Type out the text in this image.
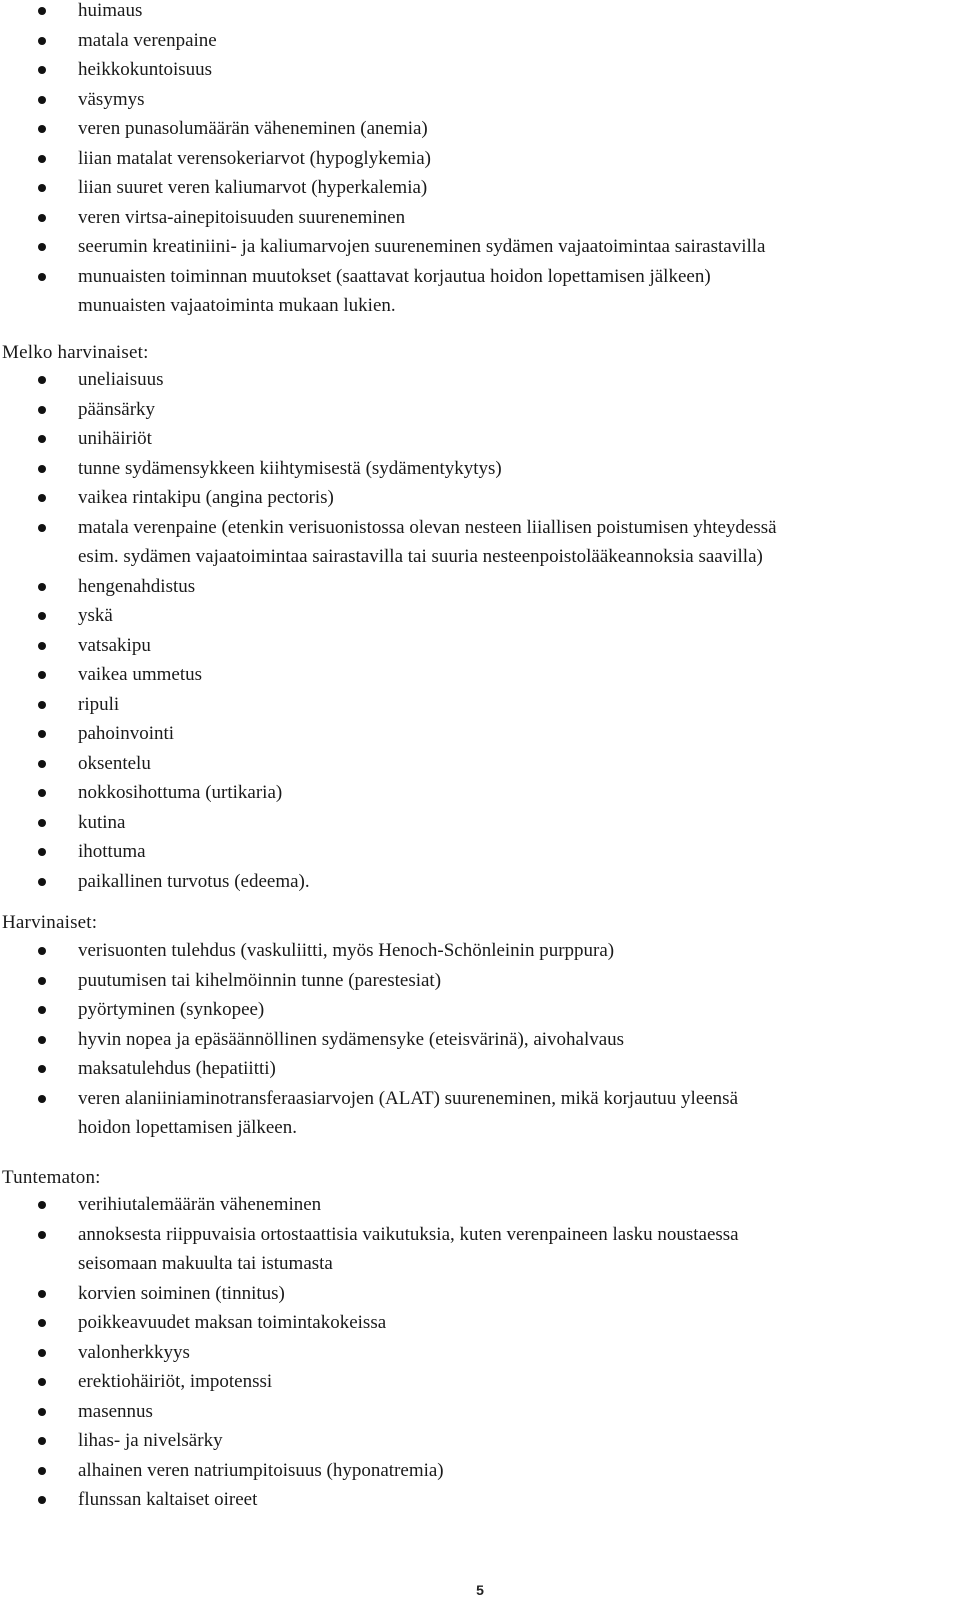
huimaus
matala verenpaine
heikkokuntoisuus
väsymys
veren punasolumäärän väheneminen (anemia)
liian matalat verensokeriarvot (hypoglykemia)
liian suuret veren kaliumarvot (hyperkalemia)
veren virtsa-ainepitoisuuden suureneminen
seerumin kreatiniini- ja kaliumarvojen suureneminen sydämen vajaatoimintaa sairastavilla
munuaisten toiminnan muutokset (saattavat korjautua hoidon lopettamisen jälkeen)
munuaisten vajaatoiminta mukaan lukien.
Melko harvinaiset:
uneliaisuus
päänsärky
unihäiriöt
tunne sydämensykkeen kiihtymisestä (sydämentykytys)
vaikea rintakipu (angina pectoris)
matala verenpaine (etenkin verisuonistossa olevan nesteen liiallisen poistumisen yhteydessä
esim. sydämen vajaatoimintaa sairastavilla tai suuria nesteenpoistolääkeannoksia saavilla)
hengenahdistus
yskä
vatsakipu
vaikea ummetus
ripuli
pahoinvointi
oksentelu
nokkosihottuma (urtikaria)
kutina
ihottuma
paikallinen turvotus (edeema).
Harvinaiset:
verisuonten tulehdus (vaskuliitti, myös Henoch-Schönleinin purppura)
puutumisen tai kihelmöinnin tunne (parestesiat)
pyörtyminen (synkopee)
hyvin nopea ja epäsäännöllinen sydämensyke (eteisvärinä), aivohalvaus
maksatulehdus (hepatiitti)
veren alaniiniaminotransferaasiarvojen (ALAT) suureneminen, mikä korjautuu yleensä
hoidon lopettamisen jälkeen.
Tuntematon:
verihiutalemäärän väheneminen
annoksesta riippuvaisia ortostaattisia vaikutuksia, kuten verenpaineen lasku noustaessa
seisomaan makuulta tai istumasta
korvien soiminen (tinnitus)
poikkeavuudet maksan toimintakokeissa
valonherkkyys
erektiohäiriöt, impotenssi
masennus
lihas- ja nivelsärky
alhainen veren natriumpitoisuus (hyponatremia)
flunssan kaltaiset oireet
5
